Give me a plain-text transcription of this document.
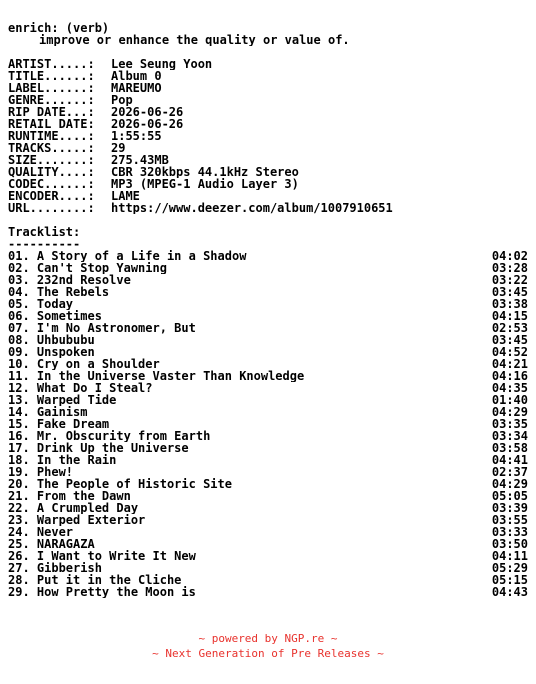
enrich: (verb)
improve or enhance the quality or value of.
ARTIST.....:	Lee Seung Yoon
TITLE......:	Album 0
LABEL......:	MAREUMO
GENRE......:	Pop
RIP DATE...:	2026-06-26
RETAIL DATE:	2026-06-26
RUNTIME....:	1:55:55
TRACKS.....:	29
SIZE.......:	275.43MB
QUALITY....:	CBR 320kbps 44.1kHz Stereo
CODEC......:	MP3 (MPEG-1 Audio Layer 3)
ENCODER....:	LAME
URL........:	https://www.deezer.com/album/1007910651
Tracklist:
----------
01. A Story of a Life in a Shadow	04:02
02. Can't Stop Yawning	03:28
03. 232nd Resolve	03:22
04. The Rebels	03:45
05. Today	03:38
06. Sometimes	04:15
07. I'm No Astronomer, But	02:53
08. Uhbububu	03:45
09. Unspoken	04:52
10. Cry on a Shoulder	04:21
11. In the Universe Vaster Than Knowledge	04:16
12. What Do I Steal?	04:35
13. Warped Tide	01:40
14. Gainism	04:29
15. Fake Dream	03:35
16. Mr. Obscurity from Earth	03:34
17. Drink Up the Universe	03:58
18. In the Rain	04:41
19. Phew!	02:37
20. The People of Historic Site	04:29
21. From the Dawn	05:05
22. A Crumpled Day	03:39
23. Warped Exterior	03:55
24. Never	03:33
25. NARAGAZA	03:50
26. I Want to Write It New	04:11
27. Gibberish	05:29
28. Put it in the Cliche	05:15
29. How Pretty the Moon is	04:43
~ powered by NGP.re ~
~ Next Generation of Pre Releases ~
